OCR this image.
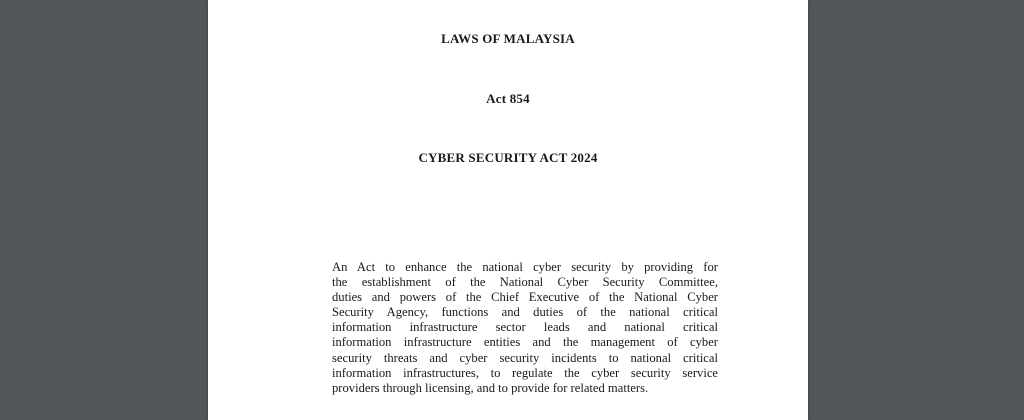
LAWS OF MALAYSIA
Act 854
CYBER SECURITY ACT 2024

An Act to enhance the national cyber security by providing for
the establishment of the National Cyber Security Committee,
duties and powers of the Chief Executive of the National Cyber
Security Agency, functions and duties of the national critical
information infrastructure sector leads and national critical
information infrastructure entities and the management of cyber
security threats and cyber security incidents to national critical
information infrastructures, to regulate the cyber security service
providers through licensing, and to provide for related matters.
